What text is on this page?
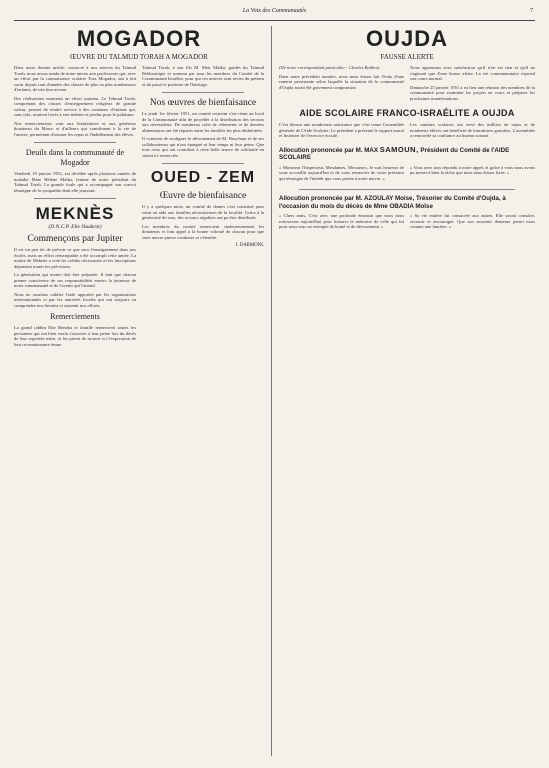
La Voix des Communautés	7
MOGADOR
ŒUVRE DU TALMUD TORAH A MOGADOR

Dans notre dernier article, consacré à nos œuvres du Talmud Torah, nous avons rendu de notre mieux aux professeurs qui, avec un effort par la connaissance scolaire Tora Mogador, ont à fait sortir depuis tant d'années des classes de plus en plus nombreuses d'enfants, de très bon niveau.

Des réalisations montrent un effort soutenu. Le Talmud Torah, comprenant des classes d'enseignement religieux de grande valeur, permet de rendre service à des centaines d'enfants qui, sans cela, seraient livrés à eux-mêmes et perdus pour le judaïsme.

Nos remerciements vont aux bienfaiteurs et aux généreux donateurs du Maroc et d'ailleurs qui contribuent à la vie de l'œuvre, permettant d'assurer les repas et l'habillement des élèves.

Deuils dans la communauté de Mogador

Vendredi 19 janvier 1951, est décédée après plusieurs années de maladie Mme Hélène Malka, femme de notre président du Talmud Torah. La grande foule qui a accompagné son convoi témoigne de la sympathie dont elle jouissait.

MEKNÈS
(D.N.C.P. Elie Ouakrat)
Commençons par Jupiter

Il est un peu tôt de prévoir ce que sera l'enseignement dans nos écoles, mais un effort remarquable a été accompli cette année. La mairie de Meknès a voté les crédits nécessaires et les inscriptions dépassent toutes les prévisions.

La génération qui monte doit être préparée. Il faut que chacun prenne conscience de ses responsabilités envers la jeunesse de notre communauté et de l'avenir qui l'attend.

Nous ne saurions oublier l'aide apportée par les organisations internationales et par les autorités locales qui ont toujours su comprendre nos besoins et soutenir nos efforts.

Remerciements

La grand rabbin Elie Bendaa et famille remercient toutes les personnes qui ont bien voulu s'associer à leur peine lors du décès de leur regrettée mère, et les prient de trouver ici l'expression de leur reconnaissance émue.

Talmud Torah, à son fils M. Meir Malka, guidés du Talmud Rebboutique et soutenu par tous les membres du Comité de la Communauté Israélite, pour qui ces œuvres sont ravies du présent et du passé et porteuse de l'héritage.

Nos œuvres de bienfaisance

Le jeudi 1er février 1951, un comité restreint s'est réuni au local de la Communauté afin de procéder à la distribution des secours aux nécessiteux. De nombreux colis de vêtements et de denrées alimentaires ont été répartis entre les familles les plus déshéritées.

Il convient de souligner le dévouement de M. Bouchara et de ses collaborateurs qui n'ont épargné ni leur temps ni leur peine. Que tous ceux qui ont contribué à cette belle œuvre de solidarité en soient ici remerciés.

OUED - ZEM
Œuvre de bienfaisance

Il y a quelques mois, un comité de dames s'est constitué pour venir en aide aux familles nécessiteuses de la localité. Grâce à la générosité de tous, des secours réguliers ont pu être distribués.

Les membres du comité remercient chaleureusement les donateurs et font appel à la bonne volonté de chacun pour que cette œuvre puisse continuer et s'étendre.

I. DARMONI.
OUJDA
FAUSSE ALERTE

(De notre correspondant particulier : Charles Bohbot)

Dans notre précédent numéro, nous nous étions fait l'écho d'une rumeur persistante selon laquelle la situation de la communauté d'Oujda aurait été gravement compromise.

Nous apprenons avec satisfaction qu'il n'en est rien et qu'il ne s'agissait que d'une fausse alerte. La vie communautaire reprend son cours normal.

Dimanche 25 janvier 1951 a eu lieu une réunion des membres de la communauté pour examiner les projets en cours et préparer les prochaines manifestations.

AIDE SCOLAIRE FRANCO-ISRAÉLITE A OUJDA

C'est devant une nombreuse assistance que s'est tenue l'assemblée générale de l'Aide Scolaire. Le président a présenté le rapport moral et financier de l'exercice écoulé.

Les cantines scolaires ont servi des milliers de repas et de nombreux élèves ont bénéficié de fournitures gratuites. L'assemblée a renouvelé sa confiance au bureau sortant.

Allocution prononcée par M. MAX SAMOUN, Président du Comité de l'AIDE SCOLAIRE

« Monsieur l'Inspecteur, Mesdames, Messieurs, Je suis heureux de vous accueillir aujourd'hui et de vous remercier de votre présence qui témoigne de l'intérêt que vous portez à notre œuvre. »

« Vous avez tous répondu à notre appel, et grâce à vous nous avons pu mener à bien la tâche que nous nous étions fixée. »

Allocution prononcée par M. AZOULAY Moise, Trésorier du Comité d'Oujda, à l'occasion du mois du décès de Mme OBADIA Moïse

« Chers amis, C'est avec une profonde émotion que nous nous retrouvons aujourd'hui pour honorer la mémoire de celle qui fut pour nous tous un exemple de bonté et de dévouement. »

« Sa vie entière fut consacrée aux autres. Elle savait consoler, secourir et encourager. Que son souvenir demeure parmi nous comme une lumière. »
